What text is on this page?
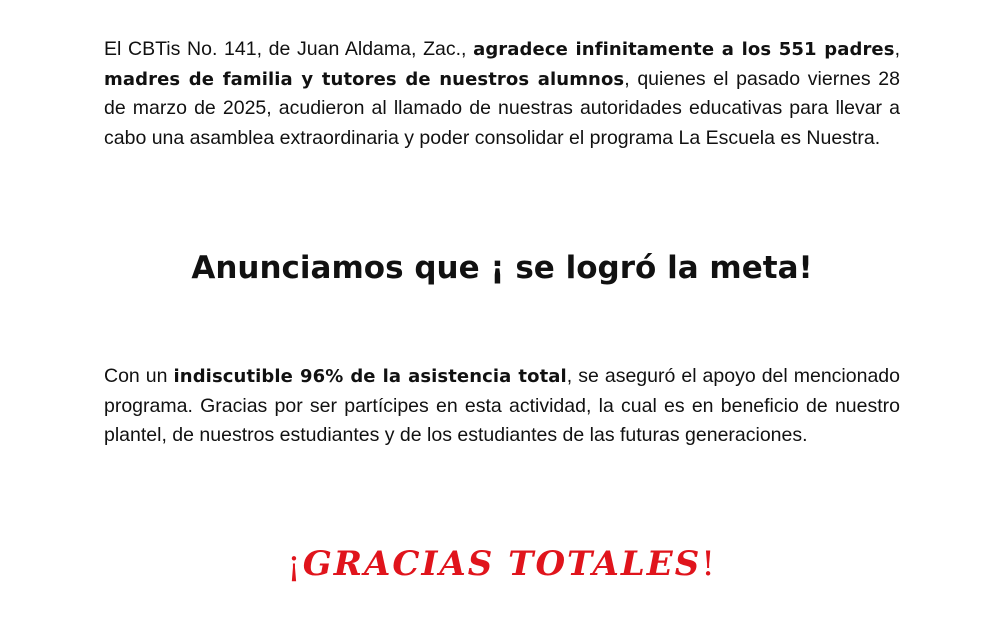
El CBTis No. 141, de Juan Aldama, Zac., agradece infinitamente a los 551 padres, madres de familia y tutores de nuestros alumnos, quienes el pasado viernes 28 de marzo de 2025, acudieron al llamado de nuestras autoridades educativas para llevar a cabo una asamblea extraordinaria y poder consolidar el programa La Escuela es Nuestra.

Anunciamos que ¡ se logró la meta!

Con un indiscutible 96% de la asistencia total, se aseguró el apoyo del mencionado programa. Gracias por ser partícipes en esta actividad, la cual es en beneficio de nuestro plantel, de nuestros estudiantes y de los estudiantes de las futuras generaciones.

¡GRACIAS TOTALES!
